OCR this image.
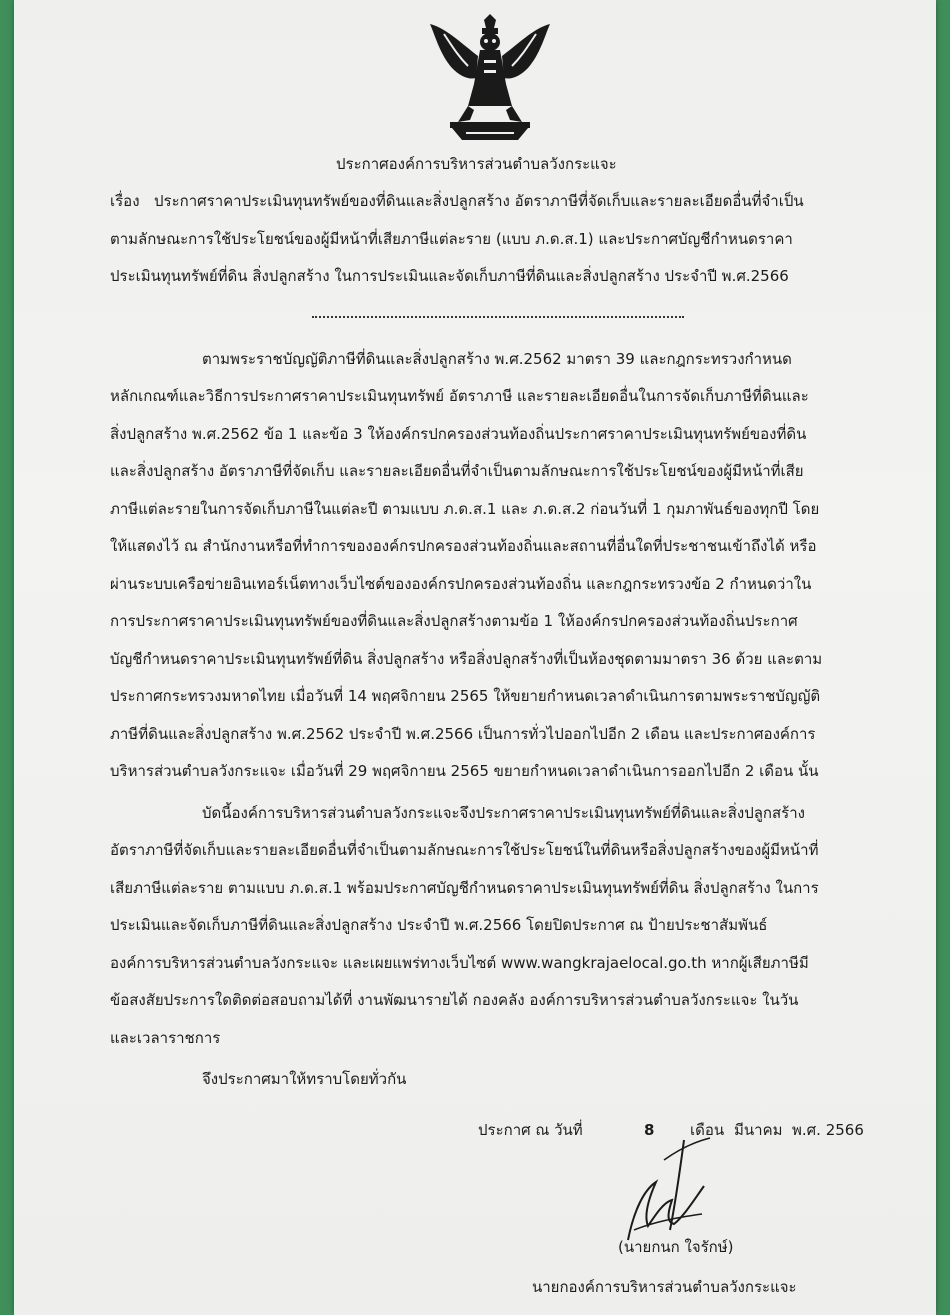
ประกาศองค์การบริหารส่วนตำบลวังกระแจะ
เรื่อง ประกาศราคาประเมินทุนทรัพย์ของที่ดินและสิ่งปลูกสร้าง อัตราภาษีที่จัดเก็บและรายละเอียดอื่นที่จำเป็น
ตามลักษณะการใช้ประโยชน์ของผู้มีหน้าที่เสียภาษีแต่ละราย (แบบ ภ.ด.ส.1) และประกาศบัญชีกำหนดราคา
ประเมินทุนทรัพย์ที่ดิน สิ่งปลูกสร้าง ในการประเมินและจัดเก็บภาษีที่ดินและสิ่งปลูกสร้าง ประจำปี พ.ศ.2566
ตามพระราชบัญญัติภาษีที่ดินและสิ่งปลูกสร้าง พ.ศ.2562 มาตรา 39 และกฎกระทรวงกำหนด
หลักเกณฑ์และวิธีการประกาศราคาประเมินทุนทรัพย์ อัตราภาษี และรายละเอียดอื่นในการจัดเก็บภาษีที่ดินและ
สิ่งปลูกสร้าง พ.ศ.2562 ข้อ 1 และข้อ 3 ให้องค์กรปกครองส่วนท้องถิ่นประกาศราคาประเมินทุนทรัพย์ของที่ดิน
และสิ่งปลูกสร้าง อัตราภาษีที่จัดเก็บ และรายละเอียดอื่นที่จำเป็นตามลักษณะการใช้ประโยชน์ของผู้มีหน้าที่เสีย
ภาษีแต่ละรายในการจัดเก็บภาษีในแต่ละปี ตามแบบ ภ.ด.ส.1 และ ภ.ด.ส.2 ก่อนวันที่ 1 กุมภาพันธ์ของทุกปี โดย
ให้แสดงไว้ ณ สำนักงานหรือที่ทำการขององค์กรปกครองส่วนท้องถิ่นและสถานที่อื่นใดที่ประชาชนเข้าถึงได้ หรือ
ผ่านระบบเครือข่ายอินเทอร์เน็ตทางเว็บไซต์ขององค์กรปกครองส่วนท้องถิ่น และกฎกระทรวงข้อ 2 กำหนดว่าใน
การประกาศราคาประเมินทุนทรัพย์ของที่ดินและสิ่งปลูกสร้างตามข้อ 1 ให้องค์กรปกครองส่วนท้องถิ่นประกาศ
บัญชีกำหนดราคาประเมินทุนทรัพย์ที่ดิน สิ่งปลูกสร้าง หรือสิ่งปลูกสร้างที่เป็นห้องชุดตามมาตรา 36 ด้วย และตาม
ประกาศกระทรวงมหาดไทย เมื่อวันที่ 14 พฤศจิกายน 2565 ให้ขยายกำหนดเวลาดำเนินการตามพระราชบัญญัติ
ภาษีที่ดินและสิ่งปลูกสร้าง พ.ศ.2562 ประจำปี พ.ศ.2566 เป็นการทั่วไปออกไปอีก 2 เดือน และประกาศองค์การ
บริหารส่วนตำบลวังกระแจะ เมื่อวันที่ 29 พฤศจิกายน 2565 ขยายกำหนดเวลาดำเนินการออกไปอีก 2 เดือน นั้น
บัดนี้องค์การบริหารส่วนตำบลวังกระแจะจึงประกาศราคาประเมินทุนทรัพย์ที่ดินและสิ่งปลูกสร้าง
อัตราภาษีที่จัดเก็บและรายละเอียดอื่นที่จำเป็นตามลักษณะการใช้ประโยชน์ในที่ดินหรือสิ่งปลูกสร้างของผู้มีหน้าที่
เสียภาษีแต่ละราย ตามแบบ ภ.ด.ส.1 พร้อมประกาศบัญชีกำหนดราคาประเมินทุนทรัพย์ที่ดิน สิ่งปลูกสร้าง ในการ
ประเมินและจัดเก็บภาษีที่ดินและสิ่งปลูกสร้าง ประจำปี พ.ศ.2566 โดยปิดประกาศ ณ ป้ายประชาสัมพันธ์
องค์การบริหารส่วนตำบลวังกระแจะ และเผยแพร่ทางเว็บไซต์ www.wangkrajaelocal.go.th หากผู้เสียภาษีมี
ข้อสงสัยประการใดติดต่อสอบถามได้ที่ งานพัฒนารายได้ กองคลัง องค์การบริหารส่วนตำบลวังกระแจะ ในวัน
และเวลาราชการ
จึงประกาศมาให้ทราบโดยทั่วกัน
ประกาศ ณ วันที่	8 เดือน มีนาคม พ.ศ. 2566
(นายกนก ใจรักษ์)
นายกองค์การบริหารส่วนตำบลวังกระแจะ
